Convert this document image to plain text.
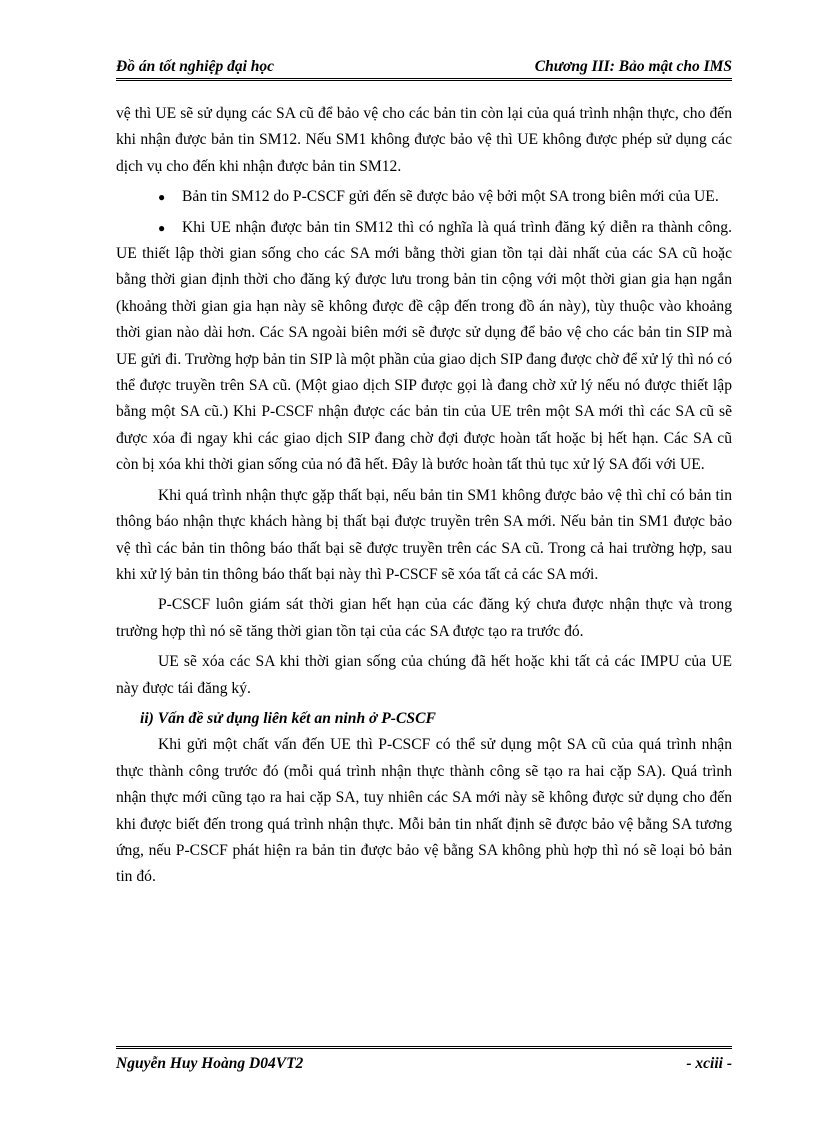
Đồ án tốt nghiệp đại học	Chương III: Bảo mật cho IMS

vệ thì UE sẽ sử dụng các SA cũ để bảo vệ cho các bản tin còn lại của quá trình nhận thực, cho đến khi nhận được bản tin SM12. Nếu SM1 không được bảo vệ thì UE không được phép sử dụng các dịch vụ cho đến khi nhận được bản tin SM12.

● Bản tin SM12 do P-CSCF gửi đến sẽ được bảo vệ bởi một SA trong biên mới của UE.

● Khi UE nhận được bản tin SM12 thì có nghĩa là quá trình đăng ký diễn ra thành công. UE thiết lập thời gian sống cho các SA mới bằng thời gian tồn tại dài nhất của các SA cũ hoặc bằng thời gian định thời cho đăng ký được lưu trong bản tin cộng với một thời gian gia hạn ngắn (khoảng thời gian gia hạn này sẽ không được đề cập đến trong đồ án này), tùy thuộc vào khoảng thời gian nào dài hơn. Các SA ngoài biên mới sẽ được sử dụng để bảo vệ cho các bản tin SIP mà UE gửi đi. Trường hợp bản tin SIP là một phần của giao dịch SIP đang được chờ để xử lý thì nó có thể được truyền trên SA cũ. (Một giao dịch SIP được gọi là đang chờ xử lý nếu nó được thiết lập bằng một SA cũ.) Khi P-CSCF nhận được các bản tin của UE trên một SA mới thì các SA cũ sẽ được xóa đi ngay khi các giao dịch SIP đang chờ đợi được hoàn tất hoặc bị hết hạn. Các SA cũ còn bị xóa khi thời gian sống của nó đã hết. Đây là bước hoàn tất thủ tục xử lý SA đối với UE.

Khi quá trình nhận thực gặp thất bại, nếu bản tin SM1 không được bảo vệ thì chỉ có bản tin thông báo nhận thực khách hàng bị thất bại được truyền trên SA mới. Nếu bản tin SM1 được bảo vệ thì các bản tin thông báo thất bại sẽ được truyền trên các SA cũ. Trong cả hai trường hợp, sau khi xử lý bản tin thông báo thất bại này thì P-CSCF sẽ xóa tất cả các SA mới.

P-CSCF luôn giám sát thời gian hết hạn của các đăng ký chưa được nhận thực và trong trường hợp thì nó sẽ tăng thời gian tồn tại của các SA được tạo ra trước đó.

UE sẽ xóa các SA khi thời gian sống của chúng đã hết hoặc khi tất cả các IMPU của UE này được tái đăng ký.

ii) Vấn đề sử dụng liên kết an ninh ở P-CSCF

Khi gửi một chất vấn đến UE thì P-CSCF có thể sử dụng một SA cũ của quá trình nhận thực thành công trước đó (mỗi quá trình nhận thực thành công sẽ tạo ra hai cặp SA). Quá trình nhận thực mới cũng tạo ra hai cặp SA, tuy nhiên các SA mới này sẽ không được sử dụng cho đến khi được biết đến trong quá trình nhận thực. Mỗi bản tin nhất định sẽ được bảo vệ bằng SA tương ứng, nếu P-CSCF phát hiện ra bản tin được bảo vệ bằng SA không phù hợp thì nó sẽ loại bỏ bản tin đó.

Nguyễn Huy Hoàng D04VT2	- xciii -
